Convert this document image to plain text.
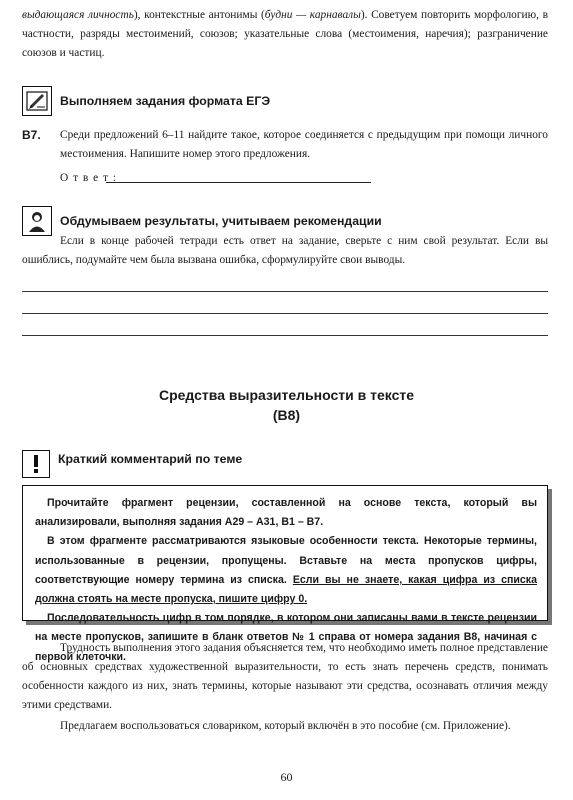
выдающаяся личность), контекстные антонимы (будни — карнавалы). Советуем повторить морфологию, в частности, разряды местоимений, союзов; указательные слова (местоимения, наречия); разграничение союзов и частиц.

Выполняем задания формата ЕГЭ
В7. Среди предложений 6–11 найдите такое, которое соединяется с предыдущим при помощи личного местоимения. Напишите номер этого предложения.

О т в е т :
Обдумываем результаты, учитываем рекомендации

Если в конце рабочей тетради есть ответ на задание, сверьте с ним свой результат. Если вы ошиблись, подумайте чем была вызвана ошибка, сформулируйте свои выводы.

Средства выразительности в тексте
(В8)
Краткий комментарий по теме

Прочитайте фрагмент рецензии, составленной на основе текста, который вы анализировали, выполняя задания А29 – А31, В1 – В7.

В этом фрагменте рассматриваются языковые особенности текста. Некоторые термины, использованные в рецензии, пропущены. Вставьте на места пропусков цифры, соответствующие номеру термина из списка. Если вы не знаете, какая цифра из списка должна стоять на месте пропуска, пишите цифру 0.

Последовательность цифр в том порядке, в котором они записаны вами в тексте рецензии на месте пропусков, запишите в бланк ответов № 1 справа от номера задания В8, начиная с первой клеточки.

Трудность выполнения этого задания объясняется тем, что необходимо иметь полное представление об основных средствах художественной выразительности, то есть знать перечень средств, понимать особенности каждого из них, знать термины, которые называют эти средства, осознавать отличия между этими средствами.

Предлагаем воспользоваться словариком, который включён в это пособие (см. Приложение).

60
